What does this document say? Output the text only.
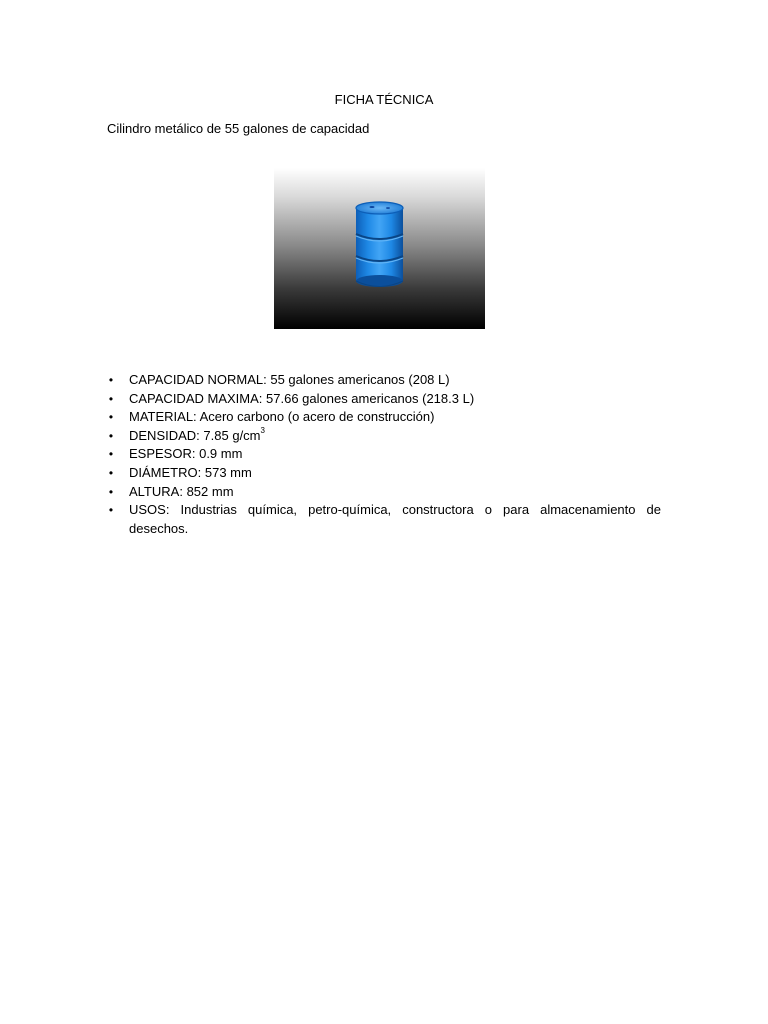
FICHA TÉCNICA
Cilindro metálico de 55 galones de capacidad
• CAPACIDAD NORMAL: 55 galones americanos (208 L)
• CAPACIDAD MAXIMA: 57.66 galones americanos (218.3 L)
• MATERIAL: Acero carbono (o acero de construcción)
• DENSIDAD: 7.85 $g/cm^3$
• ESPESOR: 0.9 mm
• DIÁMETRO: 573 mm
• ALTURA: 852 mm
• USOS: Industrias química, petro-química, constructora o para almacenamiento de desechos.
